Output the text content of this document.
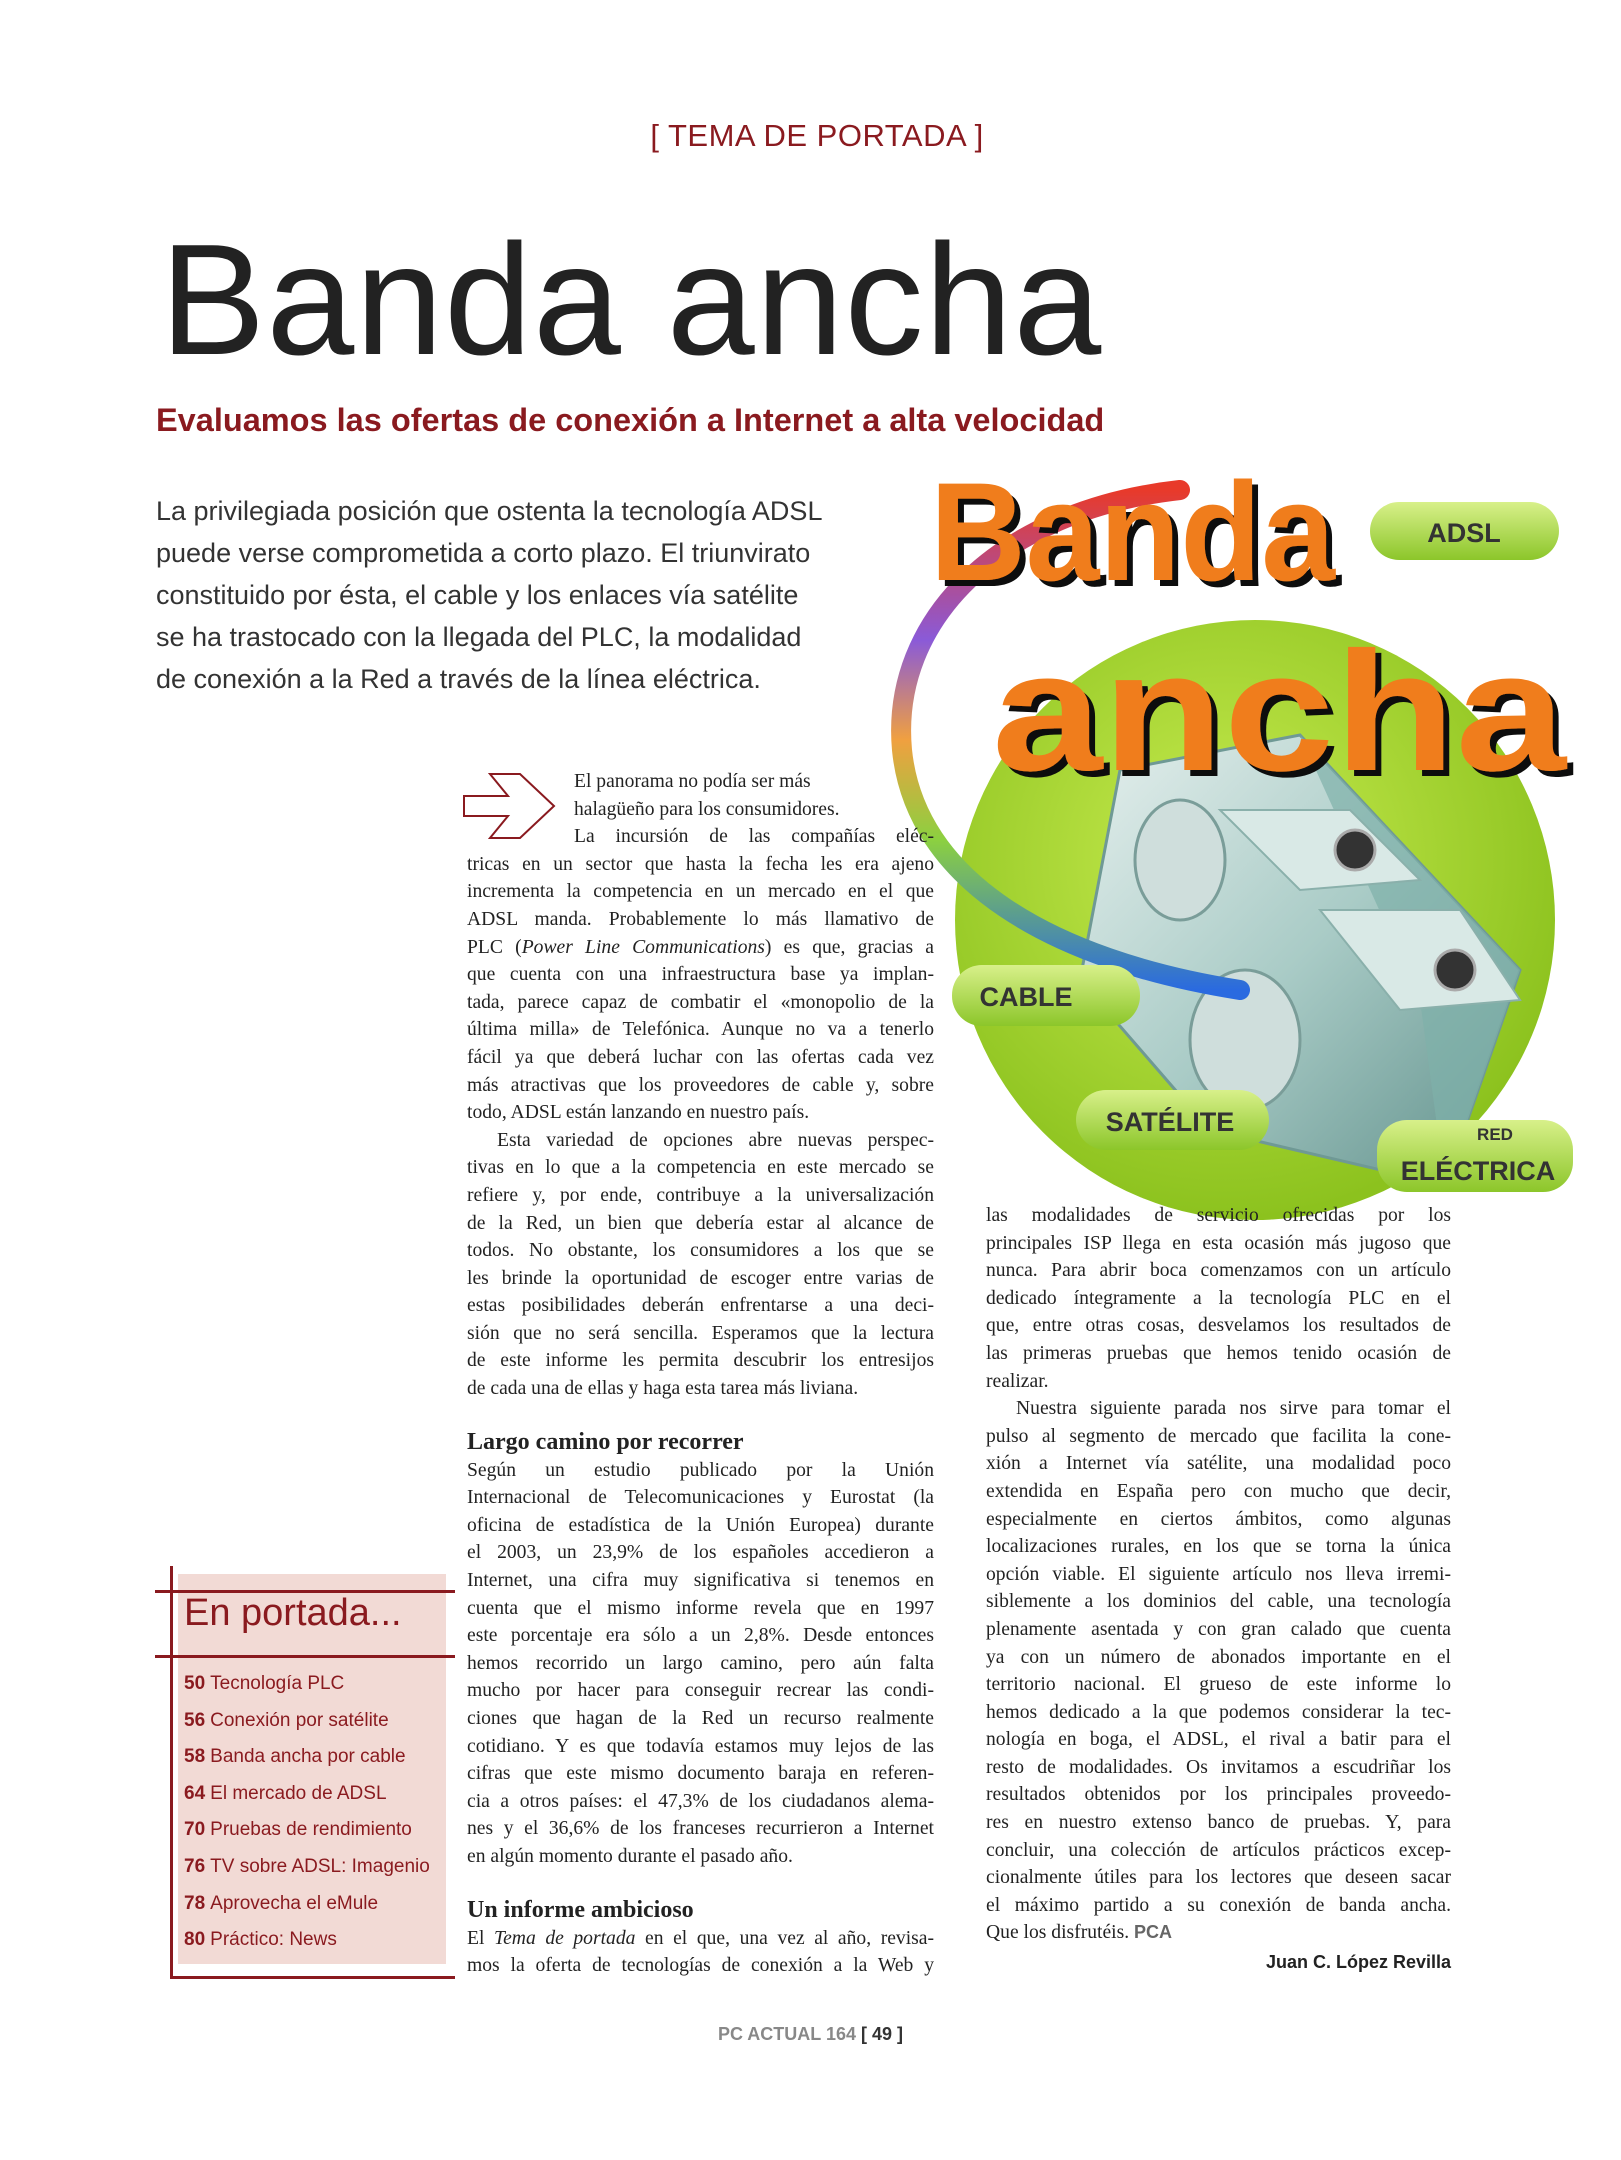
[ TEMA DE PORTADA ]
Banda ancha
Evaluamos las ofertas de conexión a Internet a alta velocidad
La privilegiada posición que ostenta la tecnología ADSL
puede verse comprometida a corto plazo. El triunvirato
constituido por ésta, el cable y los enlaces vía satélite
se ha trastocado con la llegada del PLC, la modalidad
de conexión a la Red a través de la línea eléctrica.
Banda
ancha
ADSL
CABLE
SATÉLITE	RED
ELÉCTRICA
El panorama no podía ser más
halagüeño para los consumidores.
La incursión de las compañías eléc-
tricas en un sector que hasta la fecha les era ajeno
incrementa la competencia en un mercado en el que
ADSL manda. Probablemente lo más llamativo de
PLC (Power Line Communications) es que, gracias a
que cuenta con una infraestructura base ya implan-
tada, parece capaz de combatir el «monopolio de la
última milla» de Telefónica. Aunque no va a tenerlo
fácil ya que deberá luchar con las ofertas cada vez
más atractivas que los proveedores de cable y, sobre
todo, ADSL están lanzando en nuestro país.
Esta variedad de opciones abre nuevas perspec-
tivas en lo que a la competencia en este mercado se
refiere y, por ende, contribuye a la universalización
de la Red, un bien que debería estar al alcance de
todos. No obstante, los consumidores a los que se
les brinde la oportunidad de escoger entre varias de
estas posibilidades deberán enfrentarse a una deci-
sión que no será sencilla. Esperamos que la lectura
de este informe les permita descubrir los entresijos
de cada una de ellas y haga esta tarea más liviana.
Largo camino por recorrer
Según un estudio publicado por la Unión
Internacional de Telecomunicaciones y Eurostat (la
oficina de estadística de la Unión Europea) durante
el 2003, un 23,9% de los españoles accedieron a
Internet, una cifra muy significativa si tenemos en
cuenta que el mismo informe revela que en 1997
este porcentaje era sólo a un 2,8%. Desde entonces
hemos recorrido un largo camino, pero aún falta
mucho por hacer para conseguir recrear las condi-
ciones que hagan de la Red un recurso realmente
cotidiano. Y es que todavía estamos muy lejos de las
cifras que este mismo documento baraja en referen-
cia a otros países: el 47,3% de los ciudadanos alema-
nes y el 36,6% de los franceses recurrieron a Internet
en algún momento durante el pasado año.
Un informe ambicioso
El Tema de portada en el que, una vez al año, revisa-
mos la oferta de tecnologías de conexión a la Web y
las modalidades de servicio ofrecidas por los
principales ISP llega en esta ocasión más jugoso que
nunca. Para abrir boca comenzamos con un artículo
dedicado íntegramente a la tecnología PLC en el
que, entre otras cosas, desvelamos los resultados de
las primeras pruebas que hemos tenido ocasión de
realizar.
Nuestra siguiente parada nos sirve para tomar el
pulso al segmento de mercado que facilita la cone-
xión a Internet vía satélite, una modalidad poco
extendida en España pero con mucho que decir,
especialmente en ciertos ámbitos, como algunas
localizaciones rurales, en los que se torna la única
opción viable. El siguiente artículo nos lleva irremi-
siblemente a los dominios del cable, una tecnología
plenamente asentada y con gran calado que cuenta
ya con un número de abonados importante en el
territorio nacional. El grueso de este informe lo
hemos dedicado a la que podemos considerar la tec-
nología en boga, el ADSL, el rival a batir para el
resto de modalidades. Os invitamos a escudriñar los
resultados obtenidos por los principales proveedo-
res en nuestro extenso banco de pruebas. Y, para
concluir, una colección de artículos prácticos excep-
cionalmente útiles para los lectores que deseen sacar
el máximo partido a su conexión de banda ancha.
Que los disfrutéis. PCA
Juan C. López Revilla
En portada...
50 Tecnología PLC
56 Conexión por satélite
58 Banda ancha por cable
64 El mercado de ADSL
70 Pruebas de rendimiento
76 TV sobre ADSL: Imagenio
78 Aprovecha el eMule
80 Práctico: News
PC ACTUAL 164 [ 49 ]
